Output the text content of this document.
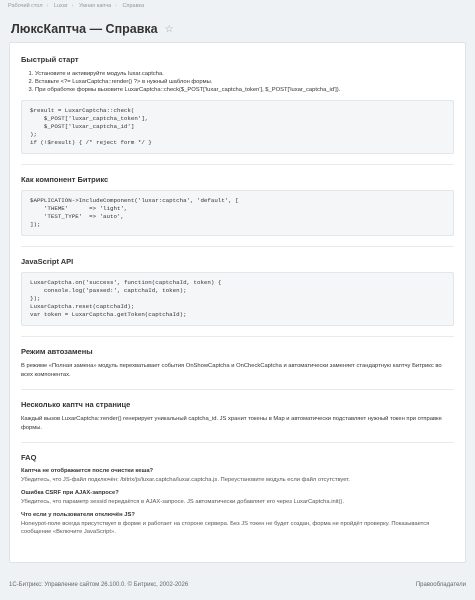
Рабочий стол › Luxar › Умная капча › Справка
ЛюксКаптча — Справка ☆
Быстрый старт
1. Установите и активируйте модуль luxar.captcha.
2. Вставьте <?= LuxarCaptcha::render() ?> в нужный шаблон формы.
3. При обработке формы вызовите LuxarCaptcha::check($_POST['luxar_captcha_token'], $_POST['luxar_captcha_id']).
$result = LuxarCaptcha::check(
$_POST['luxar_captcha_token'],
$_POST['luxar_captcha_id']
);
if (!$result) { /* reject form */ }
Как компонент Битрикс
$APPLICATION->IncludeComponent('luxar:captcha', 'default', [
'THEME'      => 'light',
'TEST_TYPE'  => 'auto',
]);
JavaScript API
LuxarCaptcha.on('success', function(captchaId, token) {
console.log('passed:', captchaId, token);
});
LuxarCaptcha.reset(captchaId);
var token = LuxarCaptcha.getToken(captchaId);
Режим автозамены

В режиме «Полная замена» модуль перехватывает события OnShowCaptcha и OnCheckCaptcha и автоматически заменяет стандартную каптчу Битрикс во всех компонентах.

Несколько каптч на странице

Каждый вызов LuxarCaptcha::render() генерирует уникальный captcha_id. JS хранит токены в Map и автоматически подставляет нужный токен при отправке формы.

FAQ
Каптча не отображается после очистки кеша?
Убедитесь, что JS-файл подключён: /bitrix/js/luxar.captcha/luxar.captcha.js. Переустановите модуль если файл отсутствует.
Ошибка CSRF при AJAX-запросе?
Убедитесь, что параметр sessid передаётся в AJAX-запросе. JS автоматически добавляет его через LuxarCaptcha.init().
Что если у пользователя отключён JS?
Honeypot-поле всегда присутствует в форме и работает на стороне сервера. Без JS токен не будет создан, форма не пройдёт проверку. Показывается сообщение «Включите JavaScript».
1С-Битрикс: Управление сайтом 26.100.0. © Битрикс, 2002-2026	Правообладатели
